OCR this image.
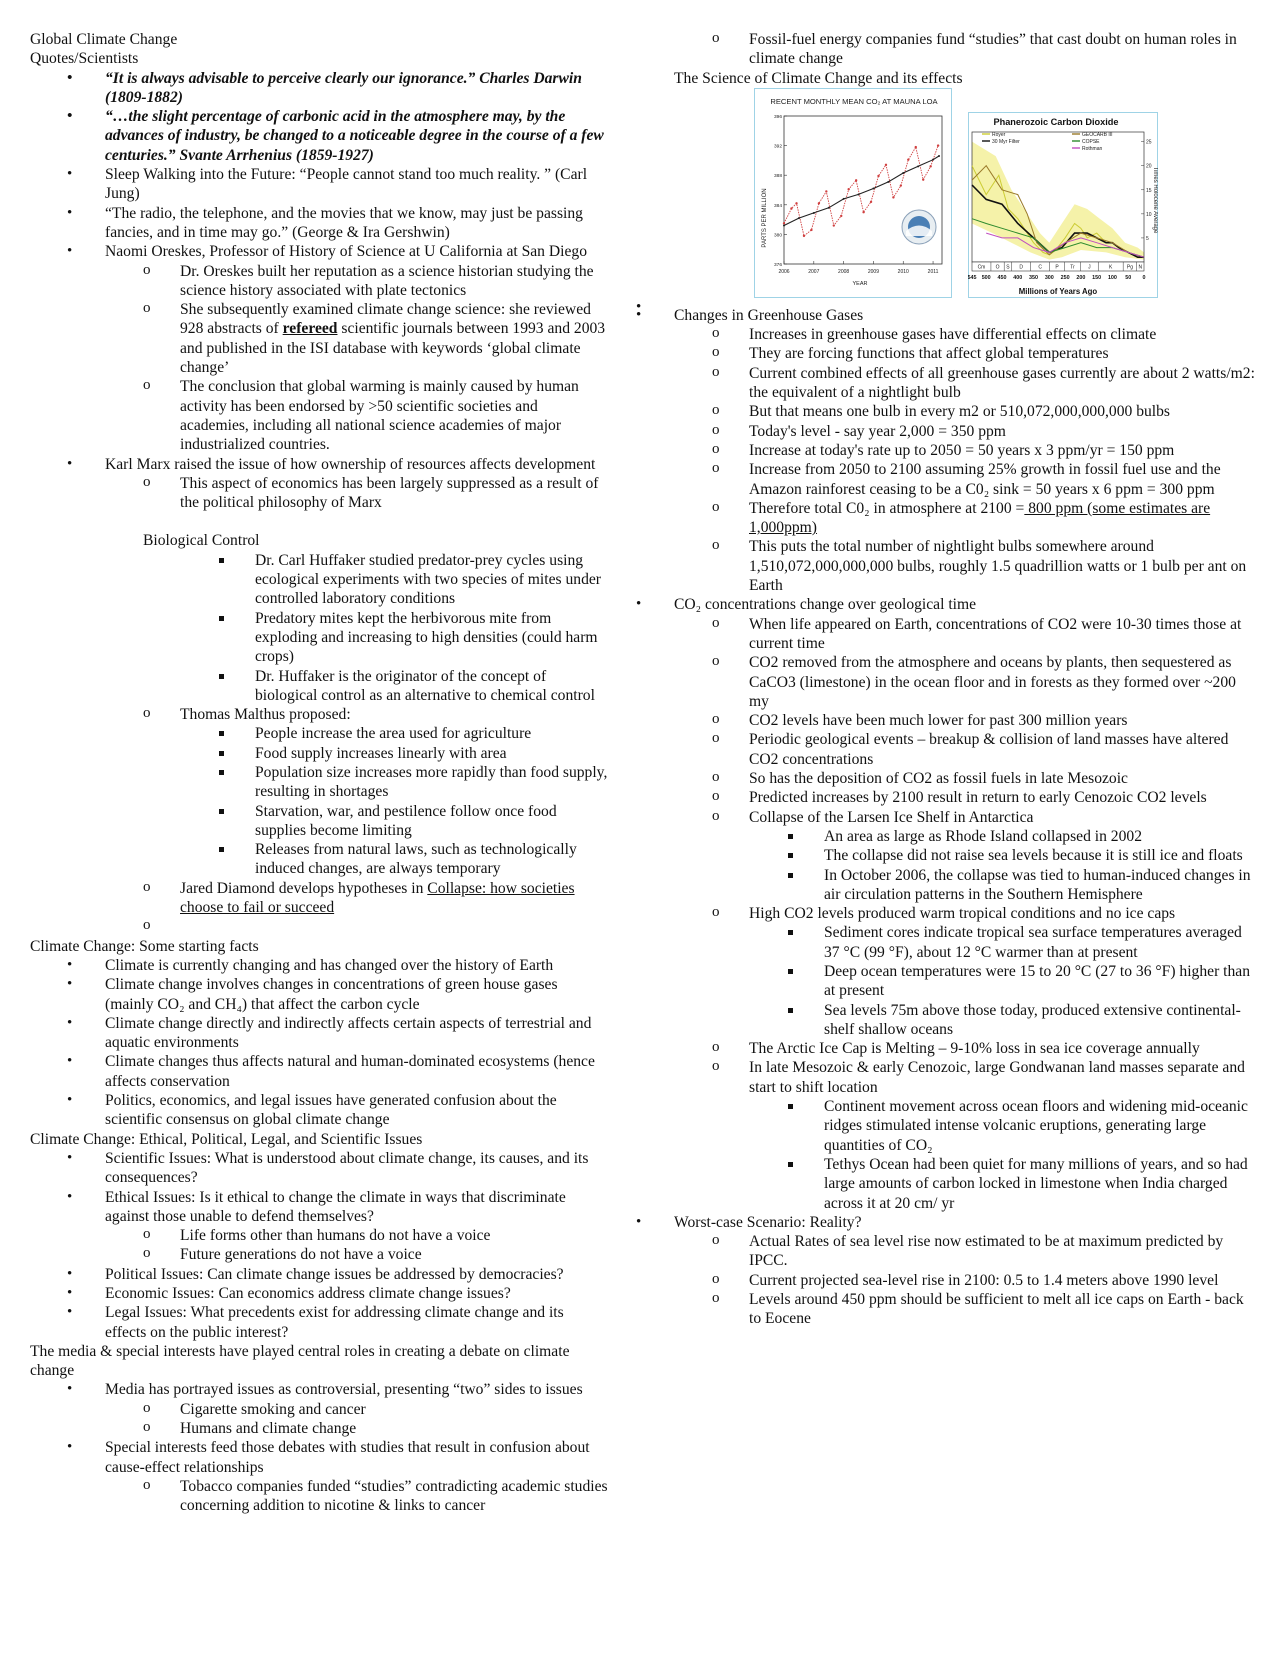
Global Climate Change

Quotes/Scientists

• “It is always advisable to perceive clearly our ignorance.” Charles Darwin (1809-1882)
• “…the slight percentage of carbonic acid in the atmosphere may, by the advances of industry, be changed to a noticeable degree in the course of a few centuries.” Svante Arrhenius (1859-1927)
• Sleep Walking into the Future: “People cannot stand too much reality. ” (Carl Jung)
• “The radio, the telephone, and the movies that we know, may just be passing fancies, and in time may go.” (George & Ira Gershwin)
• Naomi Oreskes, Professor of History of Science at U California at San Diego
o Dr. Oreskes built her reputation as a science historian studying the science history associated with plate tectonics
o She subsequently examined climate change science: she reviewed 928 abstracts of refereed scientific journals between 1993 and 2003 and published in the ISI database with keywords ‘global climate change’
o The conclusion that global warming is mainly caused by human activity has been endorsed by >50 scientific societies and academies, including all national science academies of major industrialized countries.
• Karl Marx raised the issue of how ownership of resources affects development
o This aspect of economics has been largely suppressed as a result of the political philosophy of Marx

Biological Control

Dr. Carl Huffaker studied predator-prey cycles using ecological experiments with two species of mites under controlled laboratory conditions
Predatory mites kept the herbivorous mite from exploding and increasing to high densities (could harm crops)
Dr. Huffaker is the originator of the concept of biological control as an alternative to chemical control
o Thomas Malthus proposed:
People increase the area used for agriculture
Food supply increases linearly with area
Population size increases more rapidly than food supply, resulting in shortages
Starvation, war, and pestilence follow once food supplies become limiting
Releases from natural laws, such as technologically induced changes, are always temporary
o Jared Diamond develops hypotheses in Collapse: how societies choose to fail or succeed
o

Climate Change: Some starting facts

• Climate is currently changing and has changed over the history of Earth
• Climate change involves changes in concentrations of green house gases (mainly CO₂ and CH₄) that affect the carbon cycle
• Climate change directly and indirectly affects certain aspects of terrestrial and aquatic environments
• Climate changes thus affects natural and human-dominated ecosystems (hence affects conservation
• Politics, economics, and legal issues have generated confusion about the scientific consensus on global climate change

Climate Change: Ethical, Political, Legal, and Scientific Issues

• Scientific Issues: What is understood about climate change, its causes, and its consequences?
• Ethical Issues: Is it ethical to change the climate in ways that discriminate against those unable to defend themselves?
o Life forms other than humans do not have a voice
o Future generations do not have a voice
• Political Issues: Can climate change issues be addressed by democracies?
• Economic Issues: Can economics address climate change issues?
• Legal Issues: What precedents exist for addressing climate change and its effects on the public interest?

The media & special interests have played central roles in creating a debate on climate change

• Media has portrayed issues as controversial, presenting “two” sides to issues
o Cigarette smoking and cancer
o Humans and climate change
• Special interests feed those debates with studies that result in confusion about cause-effect relationships
o Tobacco companies funded “studies” contradicting academic studies concerning addition to nicotine & links to cancer
o Fossil-fuel energy companies fund “studies” that cast doubt on human roles in climate change

The Science of Climate Change and its effects

RECENT MONTHLY MEAN CO₂ AT MAUNA LOA
PARTS PER MILLION
YEAR
376
380
384
388
392
396
2006	2007	2008	2009	2010	2011
Phanerozoic Carbon Dioxide
Times Holocene Average
Millions of Years Ago
5
10
15
20
25
Cm O S D	C	P Tr	J	K	Pg N
545 500 450 400 350 300 250 200 150 100 50 0
Royer
30 Myr Filter
GEOCARB III
COPSE
Rothman
•
• Changes in Greenhouse Gases
o Increases in greenhouse gases have differential effects on climate
o They are forcing functions that affect global temperatures
o Current combined effects of all greenhouse gases currently are about 2 watts/m2: the equivalent of a nightlight bulb
o But that means one bulb in every m2 or 510,072,000,000,000 bulbs
o Today's level - say year 2,000 = 350 ppm
o Increase at today's rate up to 2050 = 50 years x 3 ppm/yr = 150 ppm
o Increase from 2050 to 2100 assuming 25% growth in fossil fuel use and the Amazon rainforest ceasing to be a C0₂ sink = 50 years x 6 ppm = 300 ppm
o Therefore total C0₂ in atmosphere at 2100 = 800 ppm (some estimates are 1,000ppm)
o This puts the total number of nightlight bulbs somewhere around 1,510,072,000,000,000 bulbs, roughly 1.5 quadrillion watts or 1 bulb per ant on Earth
• CO₂ concentrations change over geological time
o When life appeared on Earth, concentrations of CO2 were 10-30 times those at current time
o CO2 removed from the atmosphere and oceans by plants, then sequestered as CaCO3 (limestone) in the ocean floor and in forests as they formed over ~200 my
o CO2 levels have been much lower for past 300 million years
o Periodic geological events – breakup & collision of land masses have altered CO2 concentrations
o So has the deposition of CO2 as fossil fuels in late Mesozoic
o Predicted increases by 2100 result in return to early Cenozoic CO2 levels
o Collapse of the Larsen Ice Shelf in Antarctica
An area as large as Rhode Island collapsed in 2002
The collapse did not raise sea levels because it is still ice and floats
In October 2006, the collapse was tied to human-induced changes in air circulation patterns in the Southern Hemisphere
o High CO2 levels produced warm tropical conditions and no ice caps
Sediment cores indicate tropical sea surface temperatures averaged 37 °C (99 °F), about 12 °C warmer than at present
Deep ocean temperatures were 15 to 20 °C (27 to 36 °F) higher than at present
Sea levels 75m above those today, produced extensive continental-shelf shallow oceans
o The Arctic Ice Cap is Melting – 9-10% loss in sea ice coverage annually
o In late Mesozoic & early Cenozoic, large Gondwanan land masses separate and start to shift location
Continent movement across ocean floors and widening mid-oceanic ridges stimulated intense volcanic eruptions, generating large quantities of CO₂
Tethys Ocean had been quiet for many millions of years, and so had large amounts of carbon locked in limestone when India charged across it at 20 cm/ yr
• Worst-case Scenario: Reality?
o Actual Rates of sea level rise now estimated to be at maximum predicted by IPCC.
o Current projected sea-level rise in 2100: 0.5 to 1.4 meters above 1990 level
o Levels around 450 ppm should be sufficient to melt all ice caps on Earth - back to Eocene
